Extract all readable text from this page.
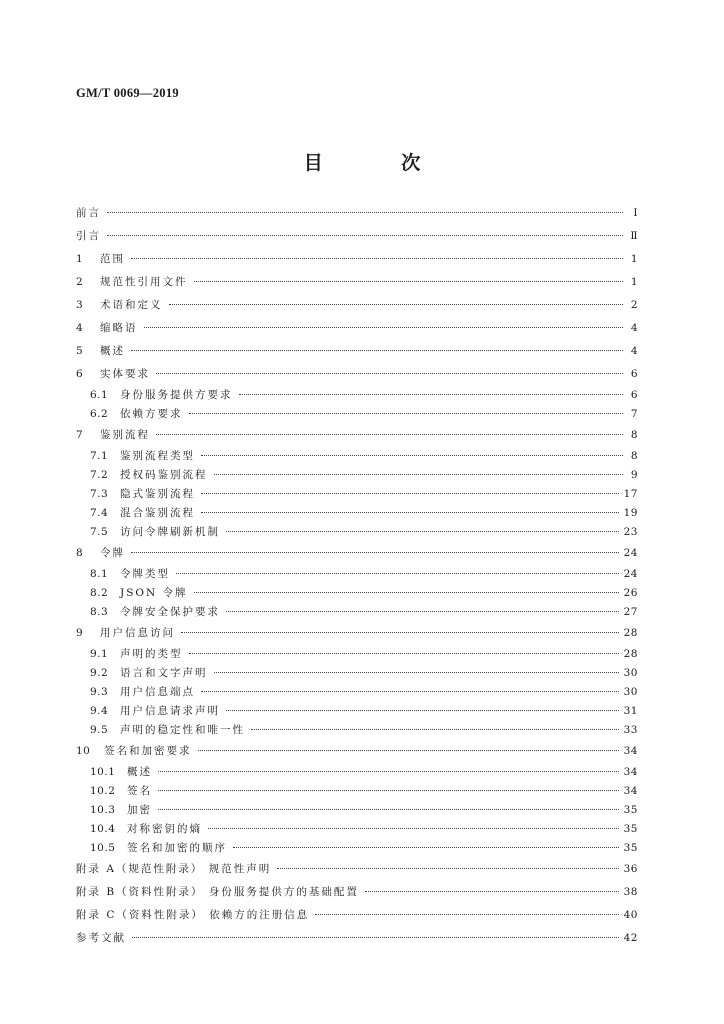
GM/T 0069—2019
目 次
前言	Ⅰ
引言	Ⅱ
1	范围	1
2	规范性引用文件	1
3	术语和定义	2
4	缩略语	4
5	概述	4
6	实体要求	6
6.1	身份服务提供方要求	6
6.2	依赖方要求	7
7	鉴别流程	8
7.1	鉴别流程类型	8
7.2	授权码鉴别流程	9
7.3	隐式鉴别流程	17
7.4	混合鉴别流程	19
7.5	访问令牌刷新机制	23
8	令牌	24
8.1	令牌类型	24
8.2	JSON 令牌	26
8.3	令牌安全保护要求	27
9	用户信息访问	28
9.1	声明的类型	28
9.2	语言和文字声明	30
9.3	用户信息端点	30
9.4	用户信息请求声明	31
9.5	声明的稳定性和唯一性	33
10	签名和加密要求	34
10.1	概述	34
10.2	签名	34
10.3	加密	35
10.4	对称密钥的熵	35
10.5	签名和加密的顺序	35
附录 A（规范性附录） 规范性声明	36
附录 B（资料性附录） 身份服务提供方的基础配置	38
附录 C（资料性附录） 依赖方的注册信息	40
参考文献	42
